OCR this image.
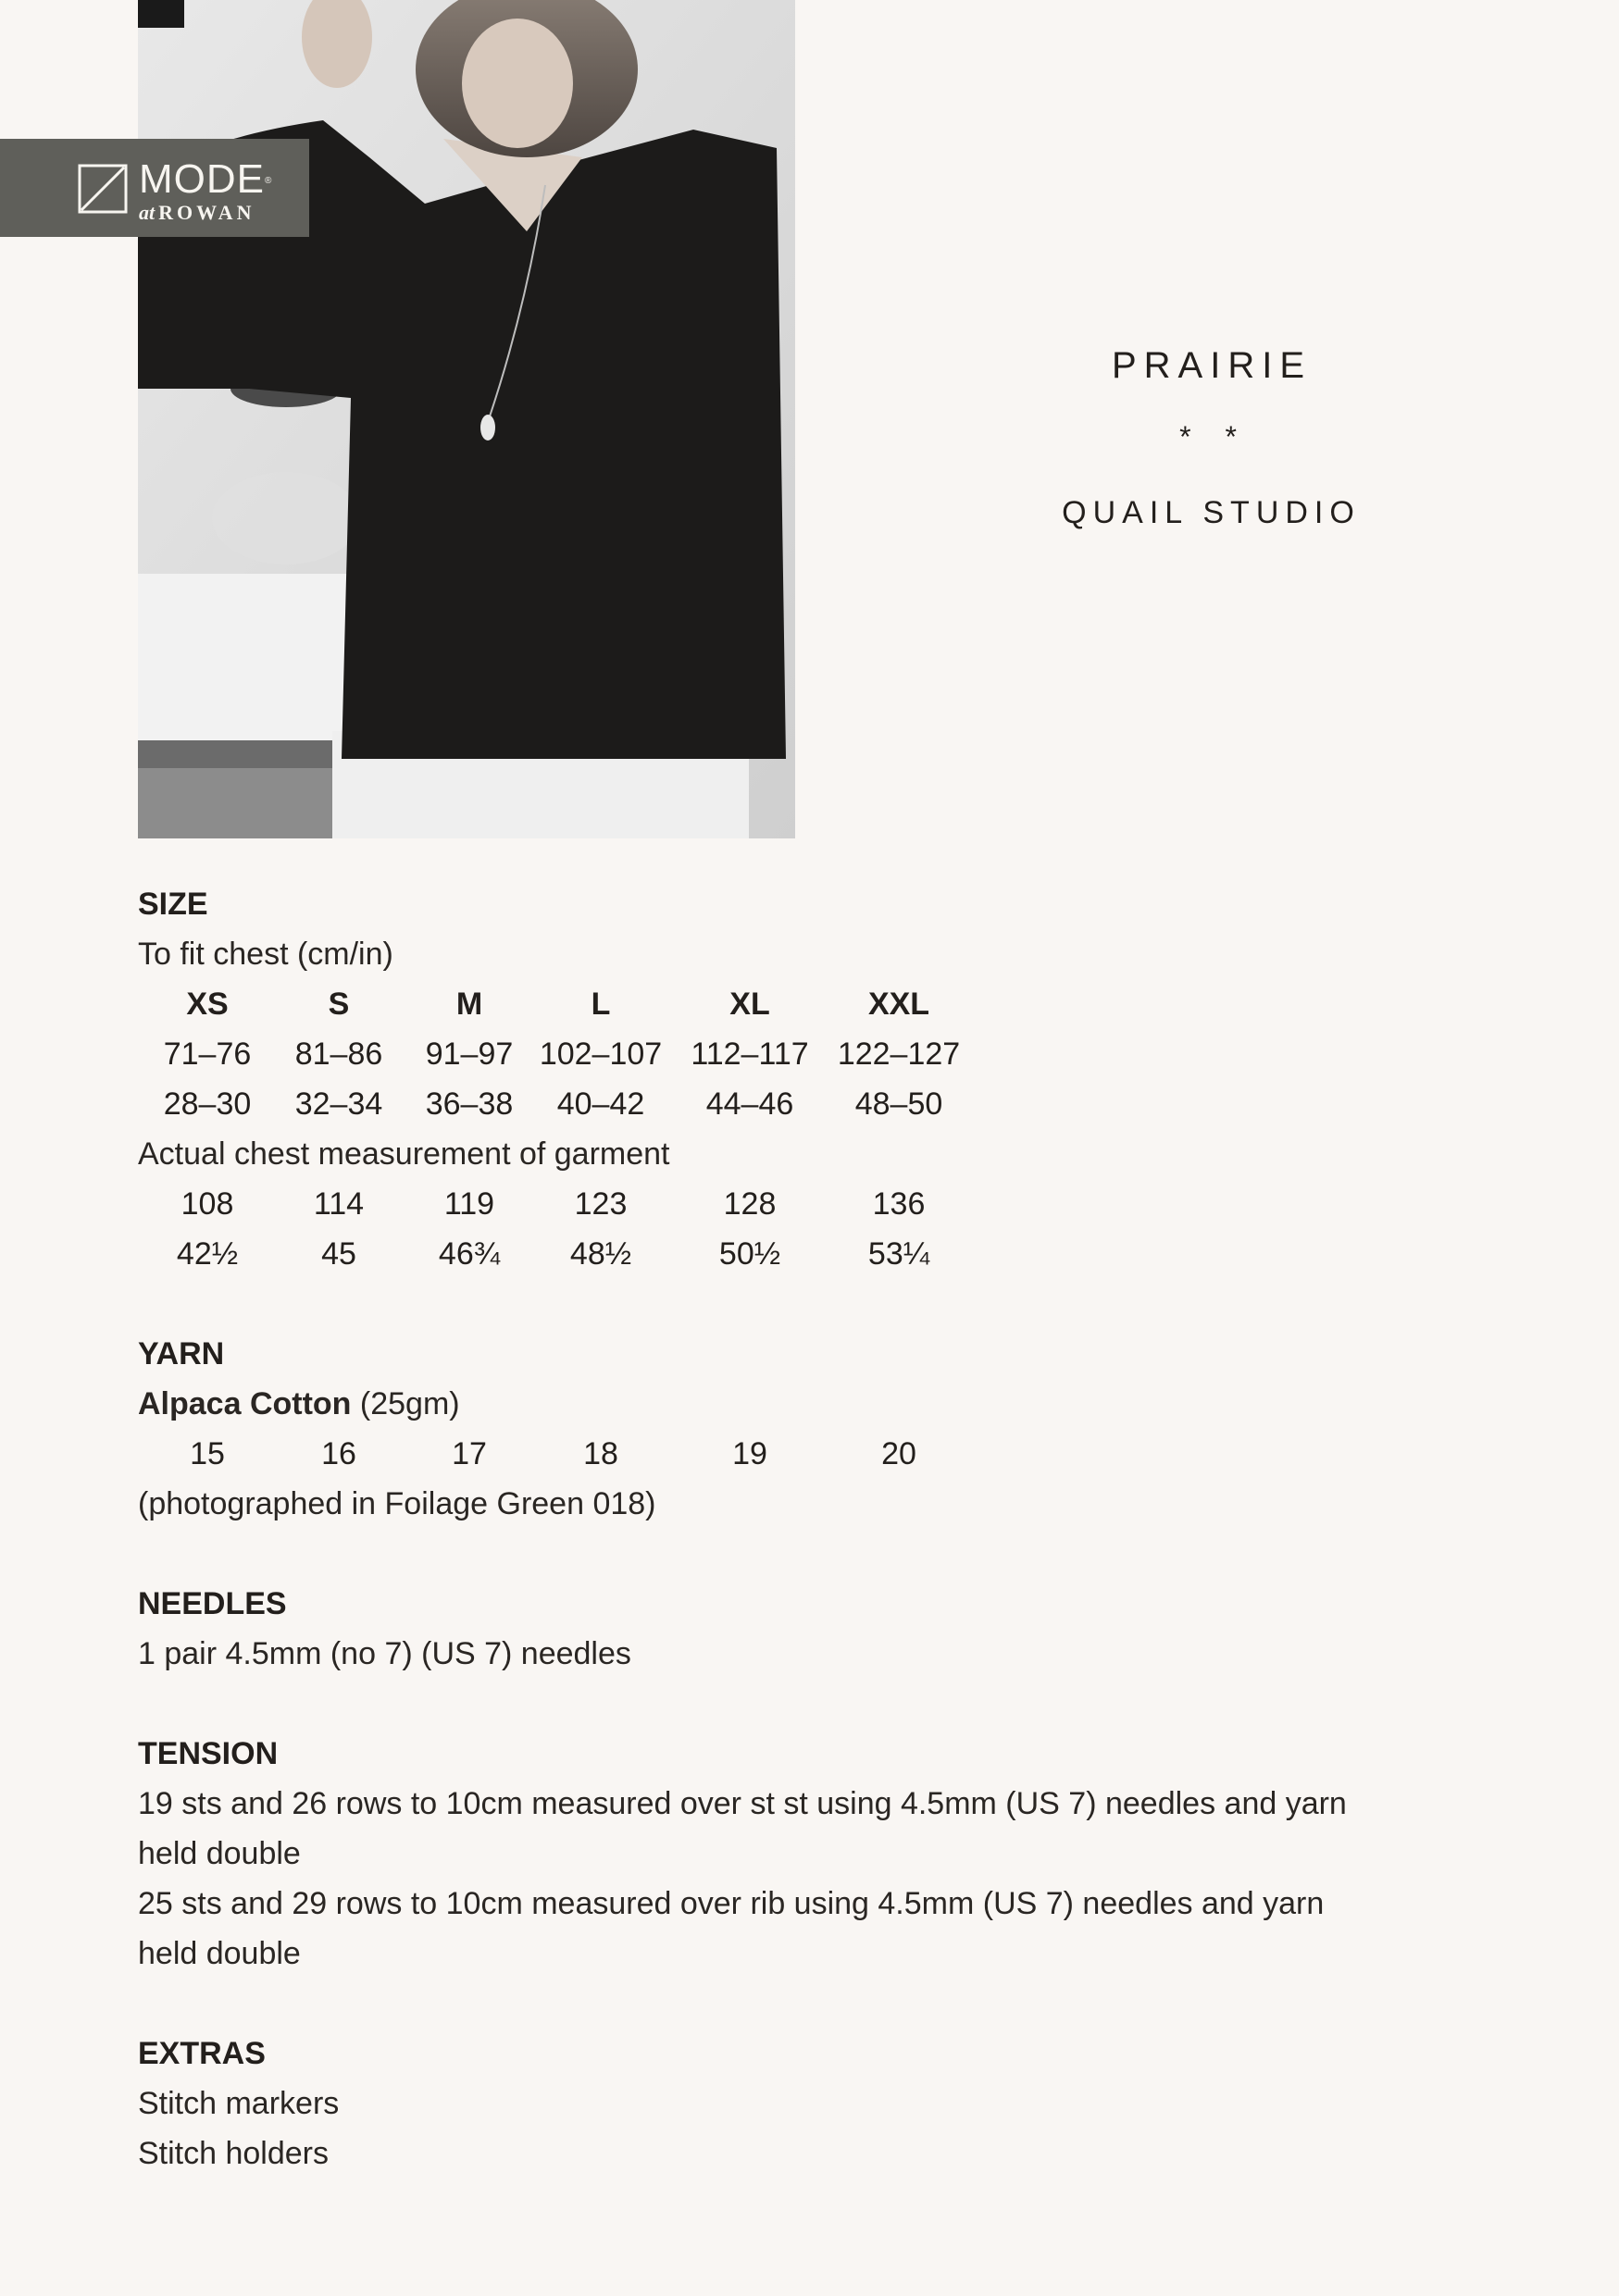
MODE®
at ROWAN
PRAIRIE
* *
QUAIL STUDIO
SIZE
To fit chest (cm/in)
XS	S	M	L	XL	XXL
71–76 81–86 91–97 102–107 112–117 122–127
28–30 32–34 36–38 40–42 44–46 48–50
Actual chest measurement of garment
108	114	119	123	128	136
42½	45	46¾ 48½	50½	53¼
YARN
Alpaca Cotton (25gm)
15	16	17	18	19	20
(photographed in Foilage Green 018)
NEEDLES
1 pair 4.5mm (no 7) (US 7) needles
TENSION
19 sts and 26 rows to 10cm measured over st st using 4.5mm (US 7) needles and yarn
held double
25 sts and 29 rows to 10cm measured over rib using 4.5mm (US 7) needles and yarn
held double
EXTRAS
Stitch markers
Stitch holders
